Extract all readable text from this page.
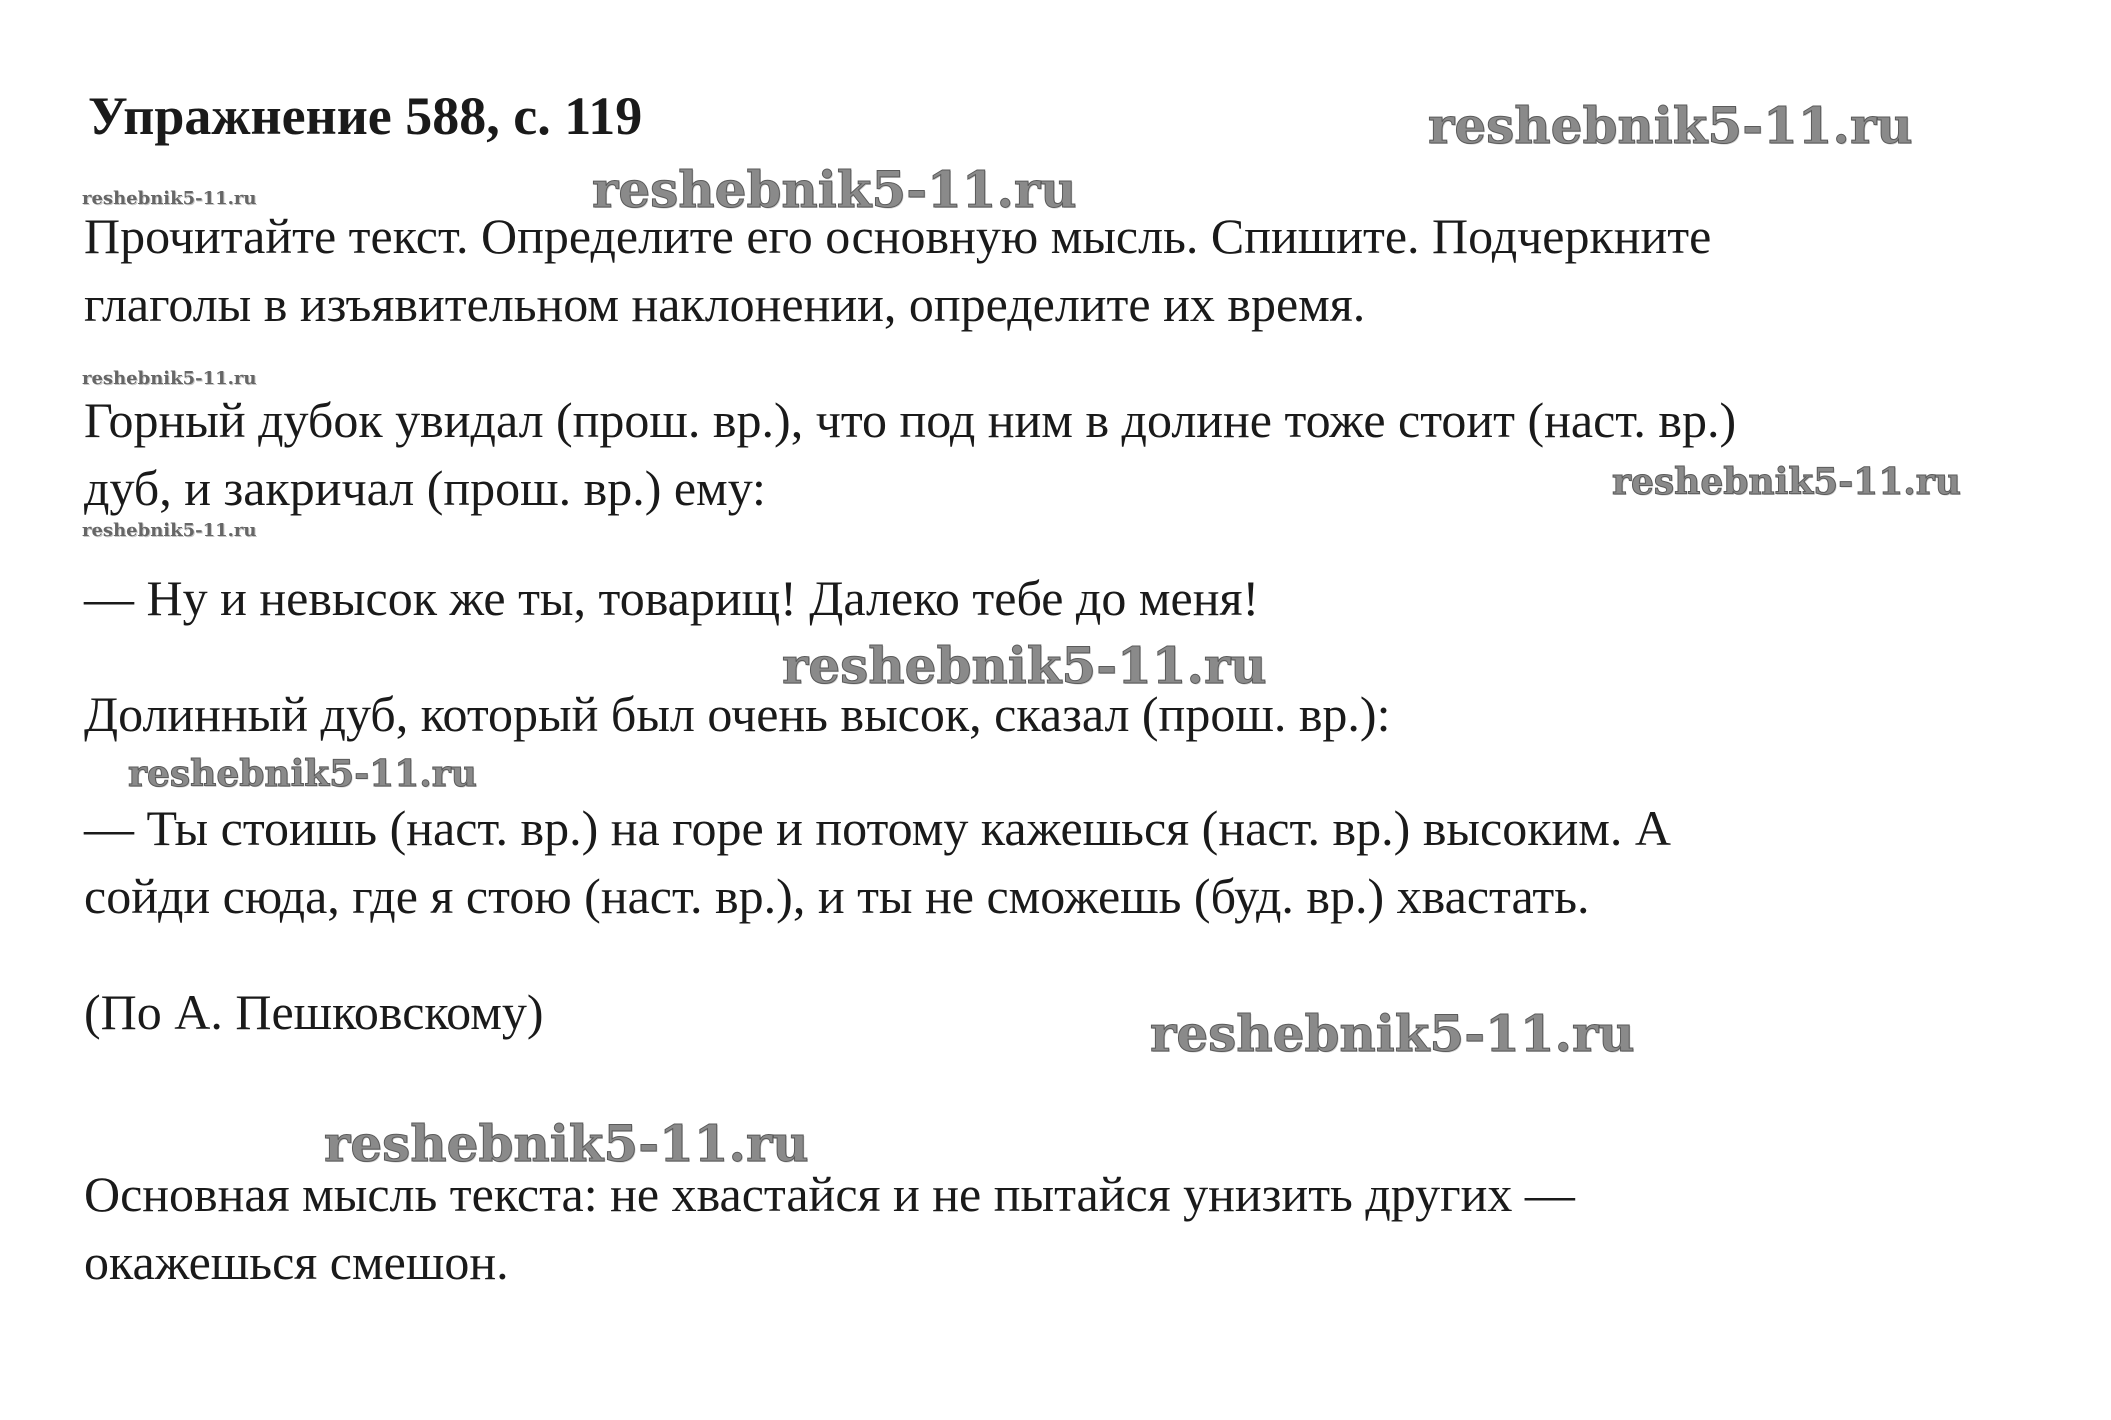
Упражнение 588, с. 119	reshebnik5-11.ru
reshebnik5-11.ru
reshebnik5-11.ru
reshebnik5-11.ru
reshebnik5-11.ru
reshebnik5-11.ru
reshebnik5-11.ru
reshebnik5-11.ru
reshebnik5-11.ru
reshebnik5-11.ru
Прочитайте текст. Определите его основную мысль. Спишите. Подчеркните
глаголы в изъявительном наклонении, определите их время.
Горный дубок увидал (прош. вр.), что под ним в долине тоже стоит (наст. вр.)
дуб, и закричал (прош. вр.) ему:
— Ну и невысок же ты, товарищ! Далеко тебе до меня!
Долинный дуб, который был очень высок, сказал (прош. вр.):
— Ты стоишь (наст. вр.) на горе и потому кажешься (наст. вр.) высоким. А
сойди сюда, где я стою (наст. вр.), и ты не сможешь (буд. вр.) хвастать.
(По А. Пешковскому)
Основная мысль текста: не хвастайся и не пытайся унизить других —
окажешься смешон.
